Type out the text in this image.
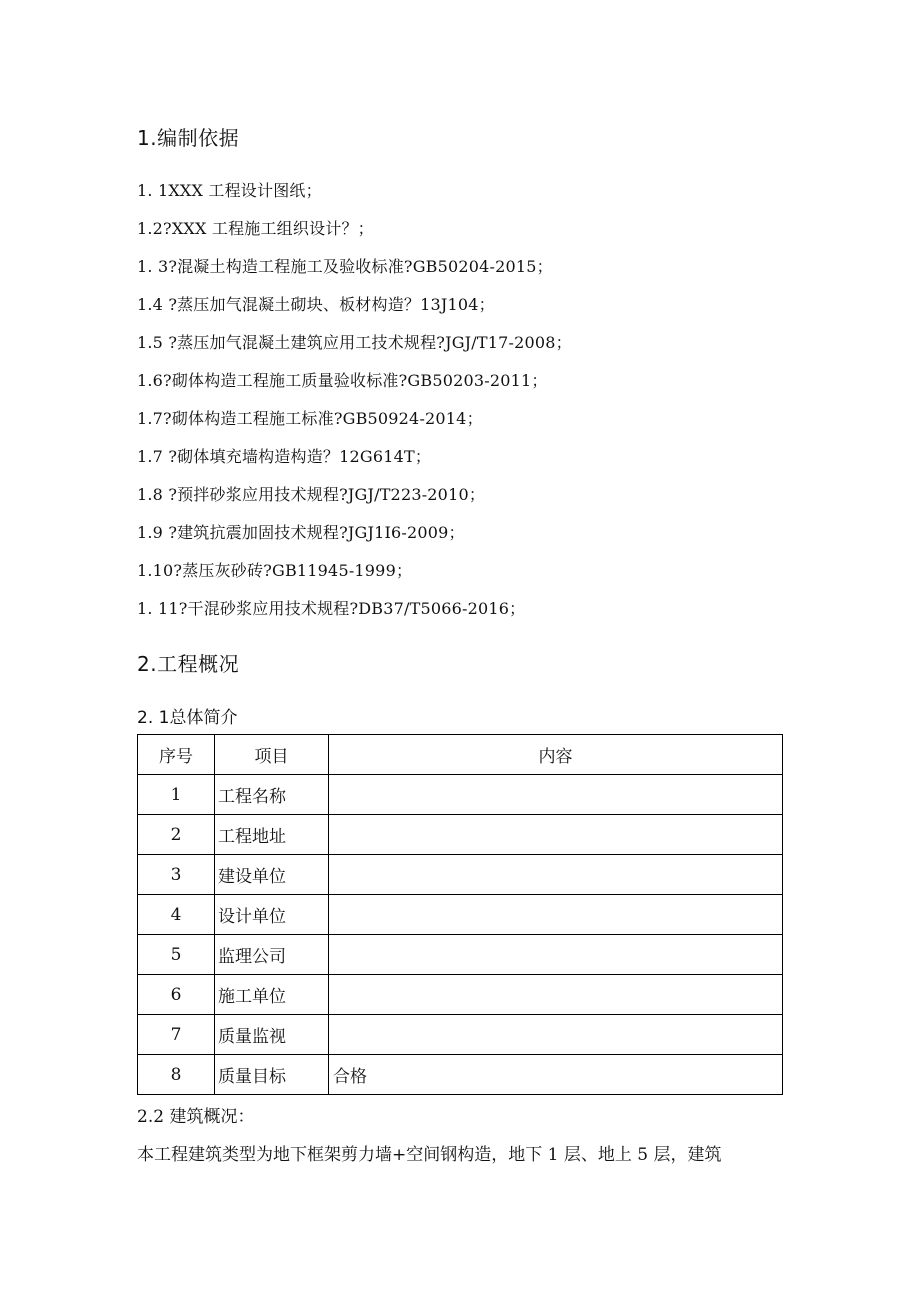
1.编制依据
1. 1XXX 工程设计图纸；
1.2?XXX 工程施工组织设计？；
1. 3?混凝土构造工程施工及验收标准?GB50204-2015；
1.4 ?蒸压加气混凝土砌块、板材构造？13J104；
1.5 ?蒸压加气混凝土建筑应用工技术规程?JGJ/T17-2008；
1.6?砌体构造工程施工质量验收标准?GB50203-2011；
1.7?砌体构造工程施工标准?GB50924-2014；
1.7 ?砌体填充墙构造构造？12G614T；
1.8 ?预拌砂浆应用技术规程?JGJ/T223-2010；
1.9 ?建筑抗震加固技术规程?JGJ1I6-2009；
1.10?蒸压灰砂砖?GB11945-1999；
1. 11?干混砂浆应用技术规程?DB37/T5066-2016；
2.工程概况
2. 1总体简介
序号	项目	内容
1	工程名称	
2	工程地址	
3	建设单位	
4	设计单位	
5	监理公司	
6	施工单位	
7	质量监视	
8	质量目标	合格
2.2 建筑概况：
本工程建筑类型为地下框架剪力墙+空间钢构造，地下 1 层、地上 5 层，建筑
